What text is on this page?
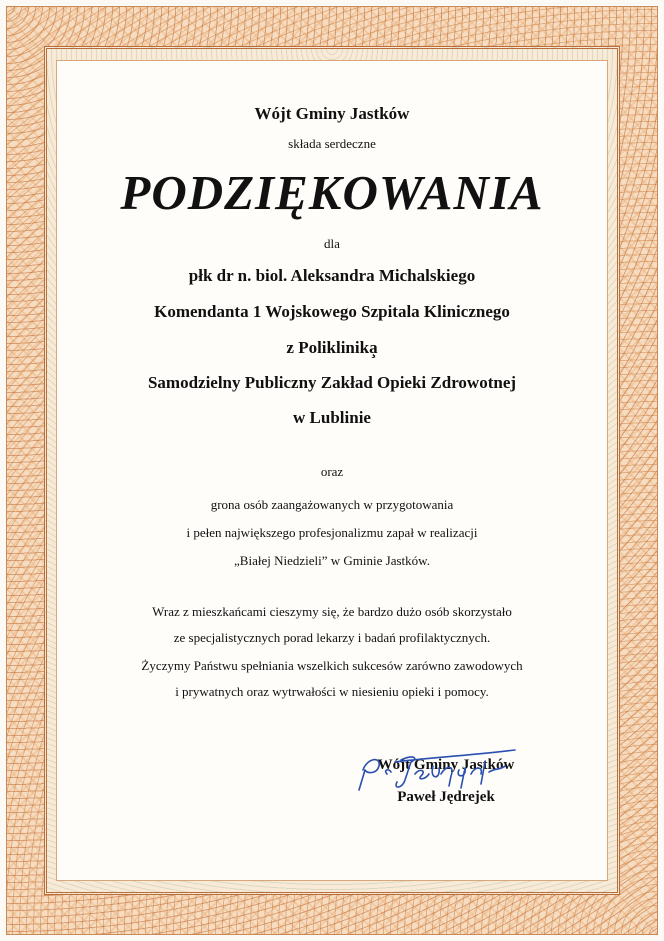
Wójt Gminy Jastków

składa serdeczne

PODZIĘKOWANIA

dla

płk dr n. biol. Aleksandra Michalskiego

Komendanta 1 Wojskowego Szpitala Klinicznego

z Poliklinika̧

Samodzielny Publiczny Zakład Opieki Zdrowotnej

w Lublinie

oraz

grona osób zaangażowanych w przygotowania

i pełen największego profesjonalizmu zapał w realizacji

„Białej Niedzieli” w Gminie Jastków.

Wraz z mieszkańcami cieszymy się, że bardzo dużo osób skorzystało

ze specjalistycznych porad lekarzy i badań profilaktycznych.

Życzymy Państwu spełniania wszelkich sukcesów zarówno zawodowych

i prywatnych oraz wytrwałości w niesieniu opieki i pomocy.

Wójt Gminy Jastków

Paweł Jędrejek
